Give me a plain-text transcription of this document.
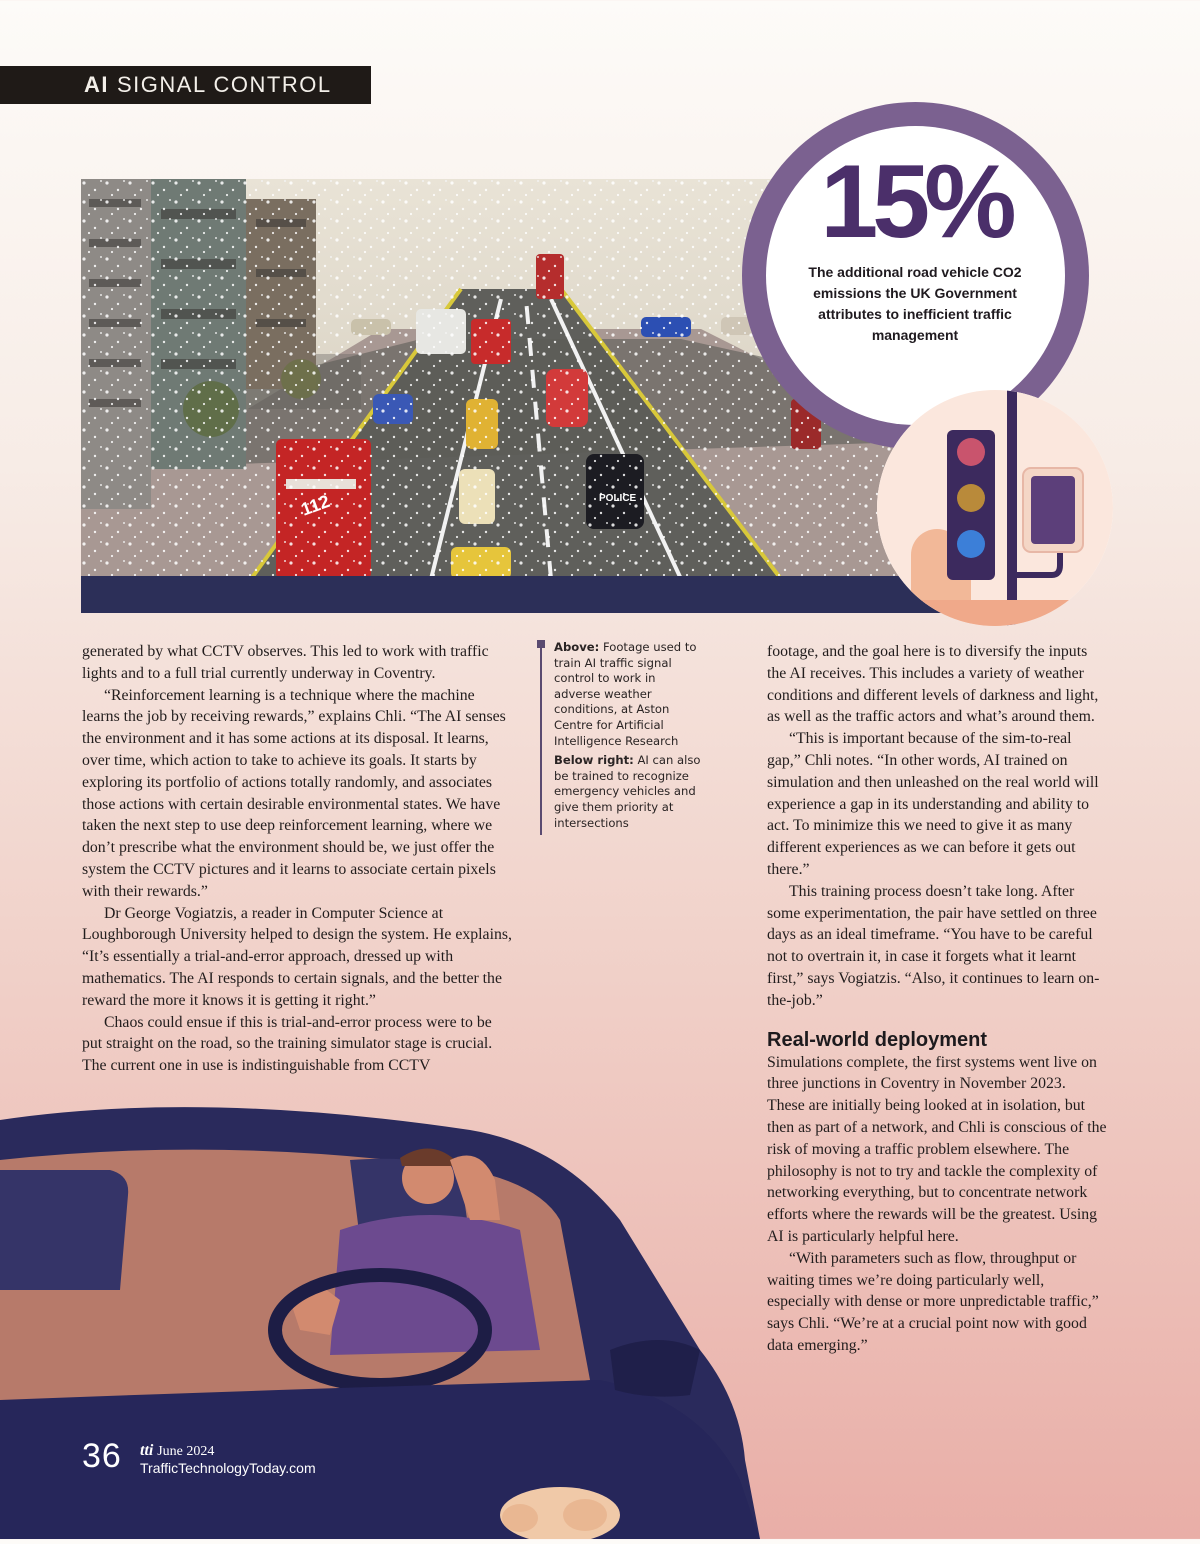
AI SIGNAL CONTROL
15%
The additional road vehicle CO2 emissions the UK Government attributes to inefficient traffic management

generated by what CCTV observes. This led to work with traffic lights and to a full trial currently underway in Coventry.

“Reinforcement learning is a technique where the machine learns the job by receiving rewards,” explains Chli. “The AI senses the environment and it has some actions at its disposal. It learns, over time, which action to take to achieve its goals. It starts by exploring its portfolio of actions totally randomly, and associates those actions with certain desirable environmental states. We have taken the next step to use deep reinforcement learning, where we don’t prescribe what the environment should be, we just offer the system the CCTV pictures and it learns to associate certain pixels with their rewards.”

Dr George Vogiatzis, a reader in Computer Science at Loughborough University helped to design the system. He explains, “It’s essentially a trial-and-error approach, dressed up with mathematics. The AI responds to certain signals, and the better the reward the more it knows it is getting it right.”

Chaos could ensue if this is trial-and-error process were to be put straight on the road, so the training simulator stage is crucial. The current one in use is indistinguishable from CCTV

Above: Footage used to train AI traffic signal control to work in adverse weather conditions, at Aston Centre for Artificial Intelligence Research

Below right: AI can also be trained to recognize emergency vehicles and give them priority at intersections

footage, and the goal here is to diversify the inputs the AI receives. This includes a variety of weather conditions and different levels of darkness and light, as well as the traffic actors and what’s around them.

“This is important because of the sim-to-real gap,” Chli notes. “In other words, AI trained on simulation and then unleashed on the real world will experience a gap in its understanding and ability to act. To minimize this we need to give it as many different experiences as we can before it gets out there.”

This training process doesn’t take long. After some experimentation, the pair have settled on three days as an ideal timeframe. “You have to be careful not to overtrain it, in case it forgets what it learnt first,” says Vogiatzis. “Also, it continues to learn on-the-job.”

Real-world deployment

Simulations complete, the first systems went live on three junctions in Coventry in November 2023. These are initially being looked at in isolation, but then as part of a network, and Chli is conscious of the risk of moving a traffic problem elsewhere. The philosophy is not to try and tackle the complexity of networking everything, but to concentrate network efforts where the rewards will be the greatest. Using AI is particularly helpful here.

“With parameters such as flow, throughput or waiting times we’re doing particularly well, especially with dense or more unpredictable traffic,” says Chli. “We’re at a crucial point now with good data emerging.”

36 tti June 2024
TrafficTechnologyToday.com
